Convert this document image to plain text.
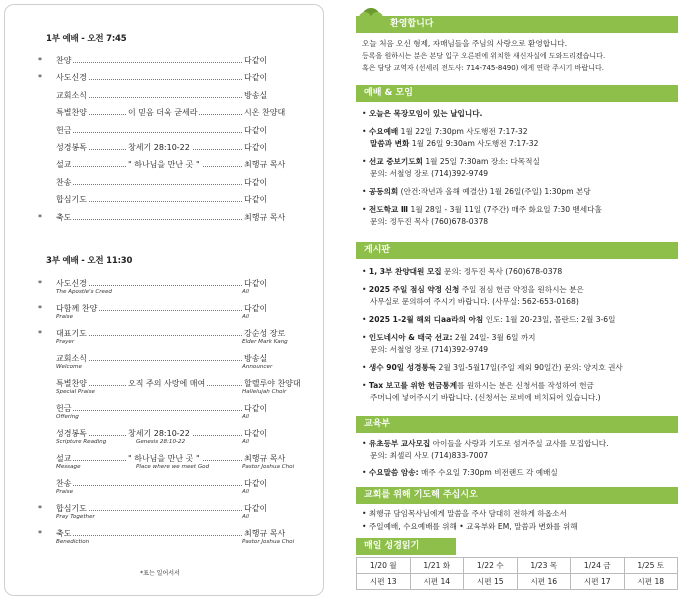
1부 예배 - 오전 7:45
* 찬양	다같이
* 사도신경	다같이
교회소식	방송실
특별찬양	이 믿음 더욱 굳세라	시온 찬양대
헌금	다같이
성경봉독	창세기 28:10-22	다같이
설교	" 하나님을 만난 곳 "	최행규 목사
찬송	다같이
합심기도	다같이
* 축도	최행규 목사
3부 예배 - 오전 11:30
* 사도신경	다같이
The Apostle's Creed	All
* 다함께 찬양	다같이
Praise	All
* 대표기도	강순성 장로
Prayer	Elder Mark Kang
교회소식	방송실
Welcome	Announcer
특별찬양	오직 주의 사랑에 매여	할렐루야 찬양대
Special Praise	Hallelujah Choir
헌금	다같이
Offering	All
성경봉독	창세기 28:10-22	다같이
Scripture Reading	Genesis 28:10-22	All
설교	" 하나님을 만난 곳 "	최행규 목사
Message	Place where we meet God	Pastor Joshua Choi
찬송	다같이
Praise	All
* 합심기도	다같이
Pray Together	All
* 축도	최행규 목사
Benediction	Pastor Joshua Choi
*표는 일어서서
환영합니다
오늘 처음 오신 형제, 자매님들을 주님의 사랑으로 환영합니다.
등록을 원하시는 분은 본당 입구 오른편에 위치한 새신자실에 도와드리겠습니다.
혹은 담당 교역자 (선세리 전도사: 714-745-8490) 에게 연락 주시기 바랍니다.
예배 & 모임
• 오늘은 목장모임이 있는 날입니다.
• 수요예배 1월 22일 7:30pm 사도행전 7:17-32
말씀과 변화 1월 26일 9:30am 사도행전 7:17-32
• 선교 중보기도회 1월 25일 7:30am 장소: 다목적실
문의: 서철영 장로 (714)392-9749
• 공동의회 (안건:작년과 올해 예결산) 1월 26일(주일) 1:30pm 본당
• 전도학교 Ⅲ 1월 28일 - 3월 11일 (7주간) 매주 화요일 7:30 벧세다홀
문의: 정두진 목사 (760)678-0378
게시판
• 1, 3부 찬양대원 모집 문의: 정두진 목사 (760)678-0378
• 2025 주일 점심 약정 신청 주일 점심 헌금 약정을 원하시는 분은
사무실로 문의하여 주시기 바랍니다. (사무실: 562-653-0168)
• 2025 1-2월 해외 디аа라의 아침 인도: 1월 20-23일, 몰란드: 2월 3-6일
• 인도네시아 & 태국 선교: 2월 24일- 3월 6일 까지
문의: 서철영 장로 (714)392-9749
• 생수 90일 성경통독 2월 3일-5월17일(주일 제외 90일간) 문의: 양지호 권사
• Tax 보고를 위한 헌금통계를 원하시는 분은 신청서를 작성하여 헌금
주머니에 넣어주시기 바랍니다. (신청서는 로비에 비치되어 있습니다.)
교육부
• 유초등부 교사모집 아이들을 사랑과 기도로 섬겨주실 교사를 모집합니다.
문의: 최셀리 사모 (714)833-7007
• 수요말씀 암송: 매주 수요일 7:30pm 비전랜드 각 예배실
교회를 위해 기도해 주십시오
• 최행규 담임목사님에게 말씀을 주사 담대히 전하게 하옵소서
• 주일예배, 수요예배를 위해 • 교육부와 EM, 말씀과 변화를 위해
매일 성경읽기
1/20 월	1/21 화	1/22 수	1/23 목	1/24 금	1/25 토
시편 13	시편 14	시편 15	시편 16	시편 17	시편 18
